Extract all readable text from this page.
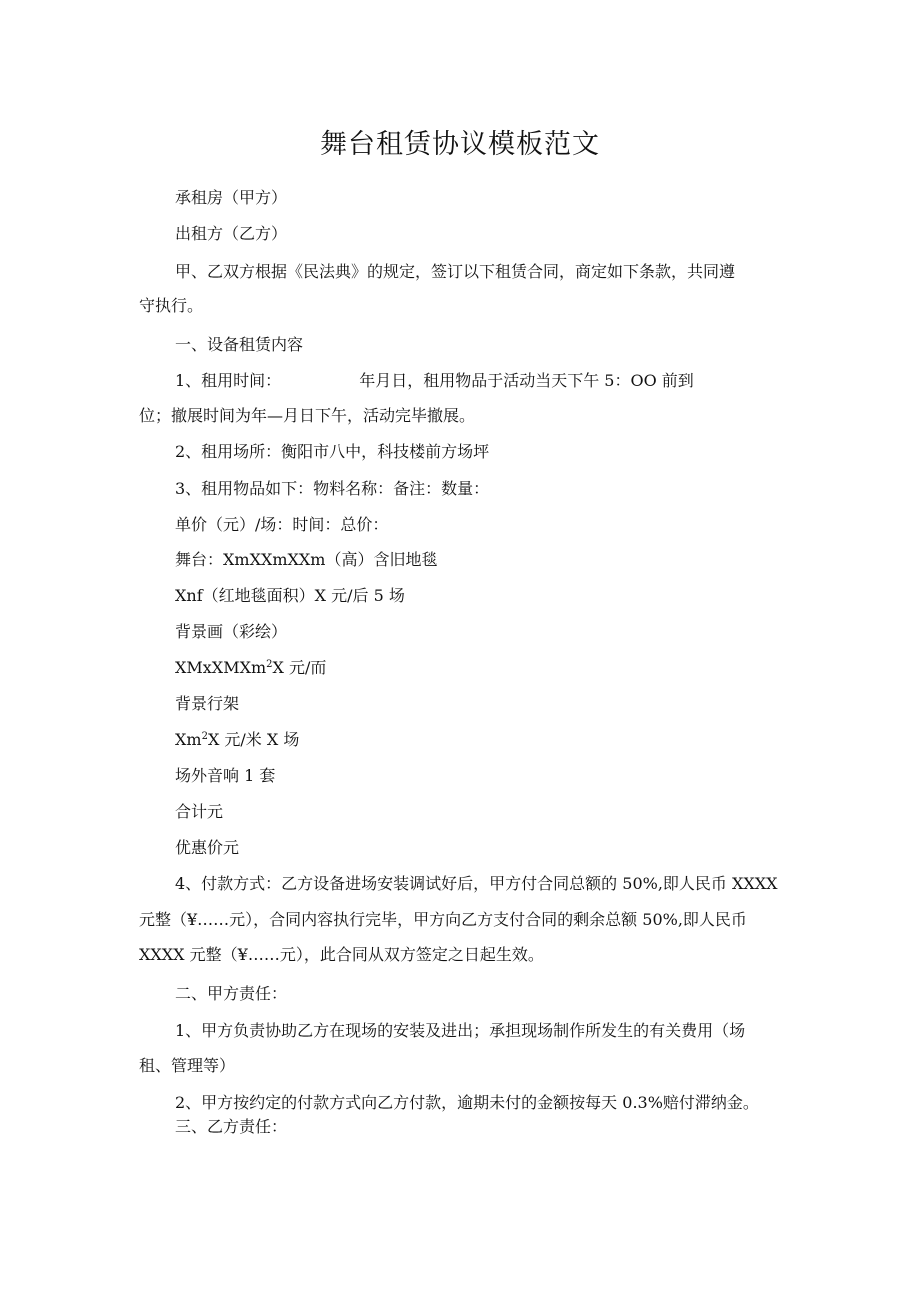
舞台租赁协议模板范文

承租房（甲方）

出租方（乙方）

甲、乙双方根据《民法典》的规定，签订以下租赁合同，商定如下条款，共同遵

守执行。

一、设备租赁内容

1、租用时间：	年月日，租用物品于活动当天下午 5：OO 前到

位；撤展时间为年—月日下午，活动完毕撤展。

2、租用场所：衡阳市八中，科技楼前方场坪

3、租用物品如下：物料名称：备注：数量：

单价（元）/场：时间：总价：

舞台：XmXXmXXm（高）含旧地毯

Xnf（红地毯面积）X 元/后 5 场

背景画（彩绘）

XMxXMXm$^2$X 元/而

背景行架

Xm$^2$X 元/米 X 场

场外音响 1 套

合计元

优惠价元

4、付款方式：乙方设备进场安装调试好后，甲方付合同总额的 50%,即人民币 XXXX

元整（¥……元），合同内容执行完毕，甲方向乙方支付合同的剩余总额 50%,即人民币

XXXX 元整（¥……元），此合同从双方签定之日起生效。

二、甲方责任：

1、甲方负责协助乙方在现场的安装及进出；承担现场制作所发生的有关费用（场

租、管理等）

2、甲方按约定的付款方式向乙方付款，逾期未付的金额按每天 0.3%赔付滞纳金。

三、乙方责任：
